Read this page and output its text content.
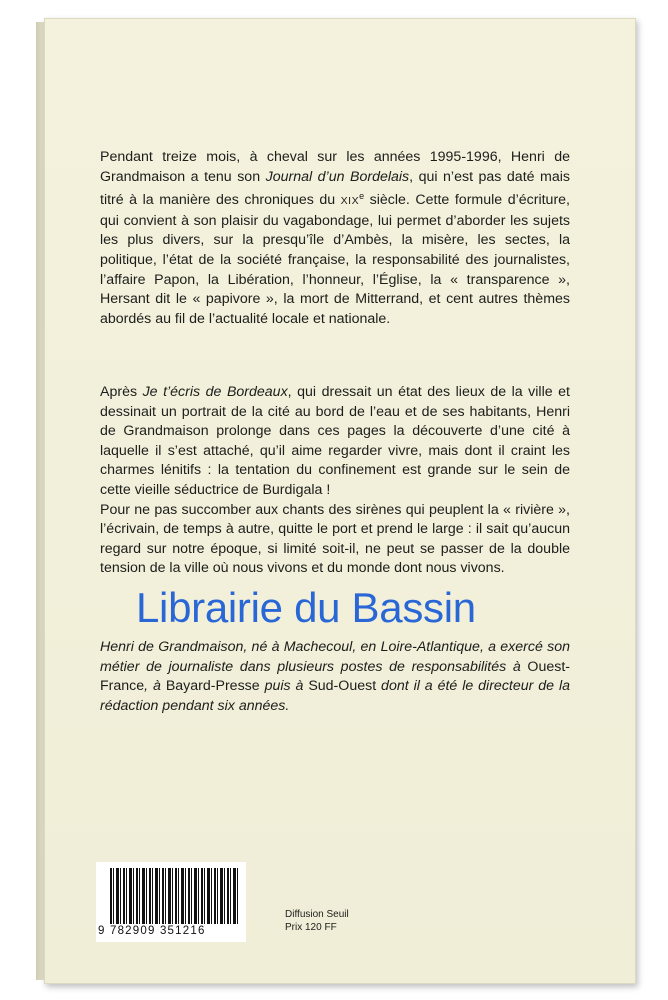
Pendant treize mois, à cheval sur les années 1995-1996, Henri de Grandmaison a tenu son Journal d’un Bordelais, qui n’est pas daté mais titré à la manière des chroniques du XIXe siècle. Cette formule d’écriture, qui convient à son plaisir du vagabondage, lui permet d’aborder les sujets les plus divers, sur la presqu’île d’Ambès, la misère, les sectes, la politique, l’état de la société française, la responsabilité des journalistes, l’affaire Papon, la Libération, l’honneur, l’Église, la « transparence », Hersant dit le « papivore », la mort de Mitterrand, et cent autres thèmes abordés au fil de l’actualité locale et nationale.

Après Je t’écris de Bordeaux, qui dressait un état des lieux de la ville et dessinait un portrait de la cité au bord de l’eau et de ses habitants, Henri de Grandmaison prolonge dans ces pages la découverte d’une cité à laquelle il s’est attaché, qu’il aime regarder vivre, mais dont il craint les charmes lénitifs : la tentation du confinement est grande sur le sein de cette vieille séductrice de Burdigala !

Pour ne pas succomber aux chants des sirènes qui peuplent la « rivière », l’écrivain, de temps à autre, quitte le port et prend le large : il sait qu’aucun regard sur notre époque, si limité soit-il, ne peut se passer de la double tension de la ville où nous vivons et du monde dont nous vivons.

Henri de Grandmaison, né à Machecoul, en Loire-Atlantique, a exercé son métier de journaliste dans plusieurs postes de responsabilités à Ouest-France, à Bayard-Presse puis à Sud-Ouest dont il a été le directeur de la rédaction pendant six années.

Librairie du Bassin
9 782909 351216
Diffusion Seuil
Prix 120 FF
